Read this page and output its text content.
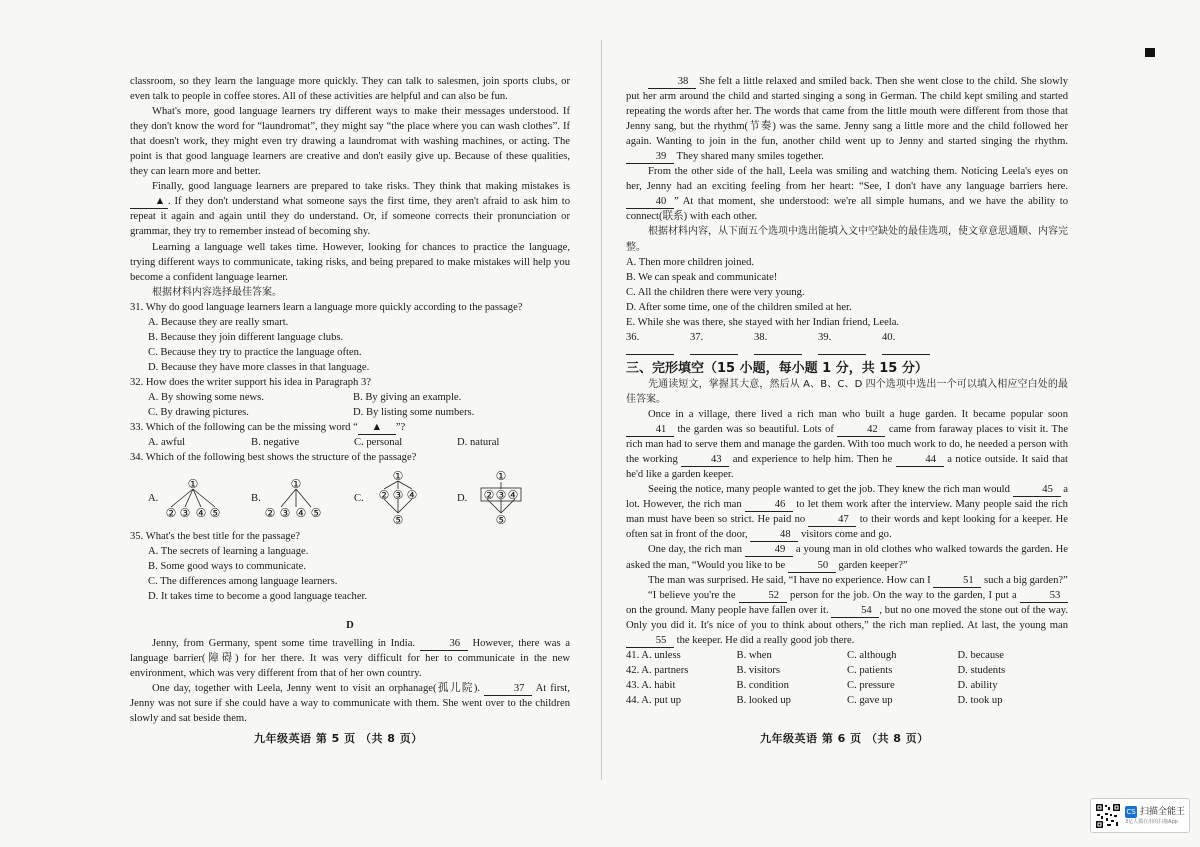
classroom, so they learn the language more quickly. They can talk to salesmen, join sports clubs, or even talk to people in coffee stores. All of these activities are helpful and can also be fun.

What's more, good language learners try different ways to make their messages understood. If they don't know the word for “laundromat”, they might say “the place where you can wash clothes”. If that doesn't work, they might even try drawing a laundromat with washing machines, or acting. The point is that good language learners are creative and don't easily give up. Because of these qualities, they can learn more and better.

Finally, good language learners are prepared to take risks. They think that making mistakes is ▲ . If they don't understand what someone says the first time, they aren't afraid to ask him to repeat it again and again until they do understand. Or, if someone corrects their pronunciation or grammar, they try to remember instead of becoming shy.

Learning a language well takes time. However, looking for chances to practice the language, trying different ways to communicate, taking risks, and being prepared to make mistakes will help you become a confident language learner.

根据材料内容选择最佳答案。

31. Why do good language learners learn a language more quickly according to the passage?

A. Because they are really smart.

B. Because they join different language clubs.

C. Because they try to practice the language often.

D. Because they have more classes in that language.

32. How does the writer support his idea in Paragraph 3?

A. By showing some news.	B. By giving an example.
C. By drawing pictures.	D. By listing some numbers.

33. Which of the following can be the missing word “ ▲ ”?

A. awful	B. negative	C. personal	D. natural

34. Which of the following best shows the structure of the passage?

A.
①
② ③ ④ ⑤
B.
①
② ③ ④ ⑤
C.
①
② ③ ④
⑤
D.
①
② ③ ④
⑤

35. What's the best title for the passage?

A. The secrets of learning a language.

B. Some good ways to communicate.

C. The differences among language learners.

D. It takes time to become a good language teacher.

D

Jenny, from Germany, spent some time travelling in India.	36 However, there was a language barrier(障碍) for her there. It was very difficult for her to communicate in the new environment, which was very different from that of her own country.

One day, together with Leela, Jenny went to visit an orphanage(孤儿院).	37 At first, Jenny was not sure if she could have a way to communicate with them. She went over to the children slowly and sat beside them.

九年级英语 第 5 页 （共 8 页）

38 She felt a little relaxed and smiled back. Then she went close to the child. She slowly put her arm around the child and started singing a song in German. The child kept smiling and started repeating the words after her. The words that came from the little mouth were different from those that Jenny sang, but the rhythm(节奏) was the same. Jenny sang a little more and the child followed her again. Wanting to join in the fun, another child went up to Jenny and started singing the rhythm. 39 They shared many smiles together.

From the other side of the hall, Leela was smiling and watching them. Noticing Leela's eyes on her, Jenny had an exciting feeling from her heart: “See, I don't have any language barriers here. 40 ” At that moment, she understood: we're all simple humans, and we have the ability to connect(联系) with each other.

根据材料内容，从下面五个选项中选出能填入文中空缺处的最佳选项，使文章意思通顺、内容完整。

A. Then more children joined.

B. We can speak and communicate!

C. All the children there were very young.

D. After some time, one of the children smiled at her.

E. While she was there, she stayed with her Indian friend, Leela.

36.	37.	38.	39.	40.

三、完形填空（15 小题，每小题 1 分，共 15 分）

先通读短文，掌握其大意，然后从 A、B、C、D 四个选项中选出一个可以填入相应空白处的最佳答案。

Once in a village, there lived a rich man who built a huge garden. It became popular soon 41 the garden was so beautiful. Lots of	42 came from faraway places to visit it. The rich man had to serve them and manage the garden. With too much work to do, he needed a person with the working	43 and experience to help him. Then he	44 a notice outside. It said that he'd like a garden keeper.

Seeing the notice, many people wanted to get the job. They knew the rich man would	45 a lot. However, the rich man	46 to let them work after the interview. Many people said the rich man must have been so strict. He paid no	47 to their words and kept looking for a keeper. He often sat in front of the door,	48 visitors come and go.

One day, the rich man	49 a young man in old clothes who walked towards the garden. He asked the man, “Would you like to be	50 garden keeper?”

The man was surprised. He said, “I have no experience. How can I	51 such a big garden?”

“I believe you're the	52 person for the job. On the way to the garden, I put a	53 on the ground. Many people have fallen over it.	54 , but no one moved the stone out of the way. Only you did it. It's nice of you to think about others,” the rich man replied. At last, the young man 55 the keeper. He did a really good job there.

41. A. unless	B. when	C. although	D. because
42. A. partners	B. visitors	C. patients	D. students
43. A. habit	B. condition	C. pressure	D. ability
44. A. put up	B. looked up	C. gave up	D. took up
九年级英语 第 6 页 （共 8 页）
CS 扫描全能王
3亿人都在用的扫描App
